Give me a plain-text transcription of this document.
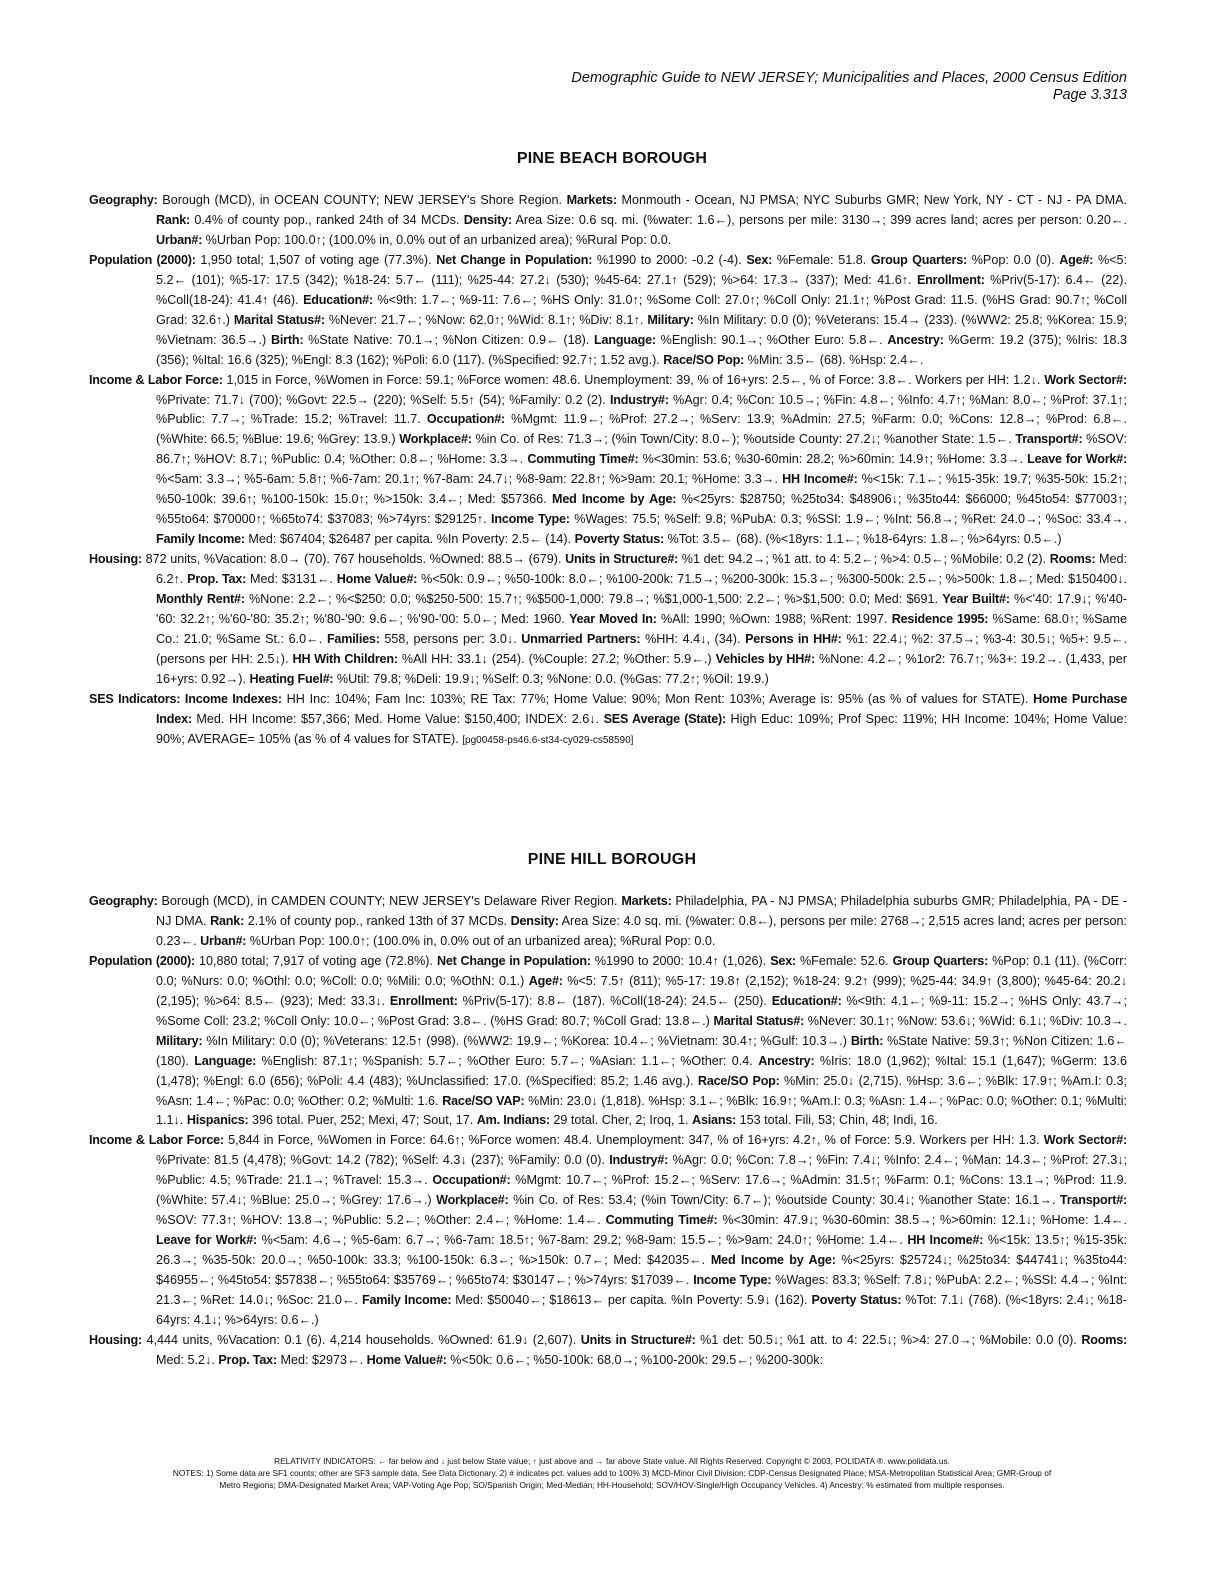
Demographic Guide to NEW JERSEY; Municipalities and Places, 2000 Census Edition
Page 3.313
PINE BEACH BOROUGH

Geography: Borough (MCD), in OCEAN COUNTY; NEW JERSEY's Shore Region. Markets: Monmouth - Ocean, NJ PMSA; NYC Suburbs GMR; New York, NY - CT - NJ - PA DMA. Rank: 0.4% of county pop., ranked 24th of 34 MCDs. Density: Area Size: 0.6 sq. mi. (%water: 1.6←), persons per mile: 3130→; 399 acres land; acres per person: 0.20←. Urban#: %Urban Pop: 100.0↑; (100.0% in, 0.0% out of an urbanized area); %Rural Pop: 0.0.

Population (2000): 1,950 total; 1,507 of voting age (77.3%). Net Change in Population: %1990 to 2000: -0.2 (-4). Sex: %Female: 51.8. Group Quarters: %Pop: 0.0 (0). Age#: %<5: 5.2← (101); %5-17: 17.5 (342); %18-24: 5.7← (111); %25-44: 27.2↓ (530); %45-64: 27.1↑ (529); %>64: 17.3→ (337); Med: 41.6↑. Enrollment: %Priv(5-17): 6.4← (22). %Coll(18-24): 41.4↑ (46). Education#: %<9th: 1.7←; %9-11: 7.6←; %HS Only: 31.0↑; %Some Coll: 27.0↑; %Coll Only: 21.1↑; %Post Grad: 11.5. (%HS Grad: 90.7↑; %Coll Grad: 32.6↑.) Marital Status#: %Never: 21.7←; %Now: 62.0↑; %Wid: 8.1↑; %Div: 8.1↑. Military: %In Military: 0.0 (0); %Veterans: 15.4→ (233). (%WW2: 25.8; %Korea: 15.9; %Vietnam: 36.5→.) Birth: %State Native: 70.1→; %Non Citizen: 0.9← (18). Language: %English: 90.1→; %Other Euro: 5.8←. Ancestry: %Germ: 19.2 (375); %Iris: 18.3 (356); %Ital: 16.6 (325); %Engl: 8.3 (162); %Poli: 6.0 (117). (%Specified: 92.7↑; 1.52 avg.). Race/SO Pop: %Min: 3.5← (68). %Hsp: 2.4←.

Income & Labor Force: 1,015 in Force, %Women in Force: 59.1; %Force women: 48.6. Unemployment: 39, % of 16+yrs: 2.5←, % of Force: 3.8←. Workers per HH: 1.2↓. Work Sector#: %Private: 71.7↓ (700); %Govt: 22.5→ (220); %Self: 5.5↑ (54); %Family: 0.2 (2). Industry#: %Agr: 0.4; %Con: 10.5→; %Fin: 4.8←; %Info: 4.7↑; %Man: 8.0←; %Prof: 37.1↑; %Public: 7.7→; %Trade: 15.2; %Travel: 11.7. Occupation#: %Mgmt: 11.9←; %Prof: 27.2→; %Serv: 13.9; %Admin: 27.5; %Farm: 0.0; %Cons: 12.8→; %Prod: 6.8←. (%White: 66.5; %Blue: 19.6; %Grey: 13.9.) Workplace#: %in Co. of Res: 71.3→; (%in Town/City: 8.0←); %outside County: 27.2↓; %another State: 1.5←. Transport#: %SOV: 86.7↑; %HOV: 8.7↓; %Public: 0.4; %Other: 0.8←; %Home: 3.3→. Commuting Time#: %<30min: 53.6; %30-60min: 28.2; %>60min: 14.9↑; %Home: 3.3→. Leave for Work#: %<5am: 3.3→; %5-6am: 5.8↑; %6-7am: 20.1↑; %7-8am: 24.7↓; %8-9am: 22.8↑; %>9am: 20.1; %Home: 3.3→. HH Income#: %<15k: 7.1←; %15-35k: 19.7; %35-50k: 15.2↑; %50-100k: 39.6↑; %100-150k: 15.0↑; %>150k: 3.4←; Med: $57366. Med Income by Age: %<25yrs: $28750; %25to34: $48906↓; %35to44: $66000; %45to54: $77003↑; %55to64: $70000↑; %65to74: $37083; %>74yrs: $29125↑. Income Type: %Wages: 75.5; %Self: 9.8; %PubA: 0.3; %SSI: 1.9←; %Int: 56.8→; %Ret: 24.0→; %Soc: 33.4→. Family Income: Med: $67404; $26487 per capita. %In Poverty: 2.5← (14). Poverty Status: %Tot: 3.5← (68). (%<18yrs: 1.1←; %18-64yrs: 1.8←; %>64yrs: 0.5←.)

Housing: 872 units, %Vacation: 8.0→ (70). 767 households. %Owned: 88.5→ (679). Units in Structure#: %1 det: 94.2→; %1 att. to 4: 5.2←; %>4: 0.5←; %Mobile: 0.2 (2). Rooms: Med: 6.2↑. Prop. Tax: Med: $3131←. Home Value#: %<50k: 0.9←; %50-100k: 8.0←; %100-200k: 71.5→; %200-300k: 15.3←; %300-500k: 2.5←; %>500k: 1.8←; Med: $150400↓. Monthly Rent#: %None: 2.2←; %<$250: 0.0; %$250-500: 15.7↑; %$500-1,000: 79.8→; %$1,000-1,500: 2.2←; %>$1,500: 0.0; Med: $691. Year Built#: %<'40: 17.9↓; %'40-'60: 32.2↑; %'60-'80: 35.2↑; %'80-'90: 9.6←; %'90-'00: 5.0←; Med: 1960. Year Moved In: %All: 1990; %Own: 1988; %Rent: 1997. Residence 1995: %Same: 68.0↑; %Same Co.: 21.0; %Same St.: 6.0←. Families: 558, persons per: 3.0↓. Unmarried Partners: %HH: 4.4↓, (34). Persons in HH#: %1: 22.4↓; %2: 37.5→; %3-4: 30.5↓; %5+: 9.5←. (persons per HH: 2.5↓). HH With Children: %All HH: 33.1↓ (254). (%Couple: 27.2; %Other: 5.9←.) Vehicles by HH#: %None: 4.2←; %1or2: 76.7↑; %3+: 19.2→. (1,433, per 16+yrs: 0.92→). Heating Fuel#: %Util: 79.8; %Deli: 19.9↓; %Self: 0.3; %None: 0.0. (%Gas: 77.2↑; %Oil: 19.9.)

SES Indicators: Income Indexes: HH Inc: 104%; Fam Inc: 103%; RE Tax: 77%; Home Value: 90%; Mon Rent: 103%; Average is: 95% (as % of values for STATE). Home Purchase Index: Med. HH Income: $57,366; Med. Home Value: $150,400; INDEX: 2.6↓. SES Average (State): High Educ: 109%; Prof Spec: 119%; HH Income: 104%; Home Value: 90%; AVERAGE= 105% (as % of 4 values for STATE). [pg00458-ps46.6-st34-cy029-cs58590]

PINE HILL BOROUGH

Geography: Borough (MCD), in CAMDEN COUNTY; NEW JERSEY's Delaware River Region. Markets: Philadelphia, PA - NJ PMSA; Philadelphia suburbs GMR; Philadelphia, PA - DE - NJ DMA. Rank: 2.1% of county pop., ranked 13th of 37 MCDs. Density: Area Size: 4.0 sq. mi. (%water: 0.8←), persons per mile: 2768→; 2,515 acres land; acres per person: 0.23←. Urban#: %Urban Pop: 100.0↑; (100.0% in, 0.0% out of an urbanized area); %Rural Pop: 0.0.

Population (2000): 10,880 total; 7,917 of voting age (72.8%). Net Change in Population: %1990 to 2000: 10.4↑ (1,026). Sex: %Female: 52.6. Group Quarters: %Pop: 0.1 (11). (%Corr: 0.0; %Nurs: 0.0; %Othl: 0.0; %Coll: 0.0; %Mili: 0.0; %OthN: 0.1.) Age#: %<5: 7.5↑ (811); %5-17: 19.8↑ (2,152); %18-24: 9.2↑ (999); %25-44: 34.9↑ (3,800); %45-64: 20.2↓ (2,195); %>64: 8.5← (923); Med: 33.3↓. Enrollment: %Priv(5-17): 8.8← (187). %Coll(18-24): 24.5← (250). Education#: %<9th: 4.1←; %9-11: 15.2→; %HS Only: 43.7→; %Some Coll: 23.2; %Coll Only: 10.0←; %Post Grad: 3.8←. (%HS Grad: 80.7; %Coll Grad: 13.8←.) Marital Status#: %Never: 30.1↑; %Now: 53.6↓; %Wid: 6.1↓; %Div: 10.3→. Military: %In Military: 0.0 (0); %Veterans: 12.5↑ (998). (%WW2: 19.9←; %Korea: 10.4←; %Vietnam: 30.4↑; %Gulf: 10.3→.) Birth: %State Native: 59.3↑; %Non Citizen: 1.6← (180). Language: %English: 87.1↑; %Spanish: 5.7←; %Other Euro: 5.7←; %Asian: 1.1←; %Other: 0.4. Ancestry: %Iris: 18.0 (1,962); %Ital: 15.1 (1,647); %Germ: 13.6 (1,478); %Engl: 6.0 (656); %Poli: 4.4 (483); %Unclassified: 17.0. (%Specified: 85.2; 1.46 avg.). Race/SO Pop: %Min: 25.0↓ (2,715). %Hsp: 3.6←; %Blk: 17.9↑; %Am.I: 0.3; %Asn: 1.4←; %Pac: 0.0; %Other: 0.2; %Multi: 1.6. Race/SO VAP: %Min: 23.0↓ (1,818). %Hsp: 3.1←; %Blk: 16.9↑; %Am.I: 0.3; %Asn: 1.4←; %Pac: 0.0; %Other: 0.1; %Multi: 1.1↓. Hispanics: 396 total. Puer, 252; Mexi, 47; Sout, 17. Am. Indians: 29 total. Cher, 2; Iroq, 1. Asians: 153 total. Fili, 53; Chin, 48; Indi, 16.

Income & Labor Force: 5,844 in Force, %Women in Force: 64.6↑; %Force women: 48.4. Unemployment: 347, % of 16+yrs: 4.2↑, % of Force: 5.9. Workers per HH: 1.3. Work Sector#: %Private: 81.5 (4,478); %Govt: 14.2 (782); %Self: 4.3↓ (237); %Family: 0.0 (0). Industry#: %Agr: 0.0; %Con: 7.8→; %Fin: 7.4↓; %Info: 2.4←; %Man: 14.3←; %Prof: 27.3↓; %Public: 4.5; %Trade: 21.1→; %Travel: 15.3→. Occupation#: %Mgmt: 10.7←; %Prof: 15.2←; %Serv: 17.6→; %Admin: 31.5↑; %Farm: 0.1; %Cons: 13.1→; %Prod: 11.9. (%White: 57.4↓; %Blue: 25.0→; %Grey: 17.6→.) Workplace#: %in Co. of Res: 53.4; (%in Town/City: 6.7←); %outside County: 30.4↓; %another State: 16.1→. Transport#: %SOV: 77.3↑; %HOV: 13.8→; %Public: 5.2←; %Other: 2.4←; %Home: 1.4←. Commuting Time#: %<30min: 47.9↓; %30-60min: 38.5→; %>60min: 12.1↓; %Home: 1.4←. Leave for Work#: %<5am: 4.6→; %5-6am: 6.7→; %6-7am: 18.5↑; %7-8am: 29.2; %8-9am: 15.5←; %>9am: 24.0↑; %Home: 1.4←. HH Income#: %<15k: 13.5↑; %15-35k: 26.3→; %35-50k: 20.0→; %50-100k: 33.3; %100-150k: 6.3←; %>150k: 0.7←; Med: $42035←. Med Income by Age: %<25yrs: $25724↓; %25to34: $44741↓; %35to44: $46955←; %45to54: $57838←; %55to64: $35769←; %65to74: $30147←; %>74yrs: $17039←. Income Type: %Wages: 83.3; %Self: 7.8↓; %PubA: 2.2←; %SSI: 4.4→; %Int: 21.3←; %Ret: 14.0↓; %Soc: 21.0←. Family Income: Med: $50040←; $18613← per capita. %In Poverty: 5.9↓ (162). Poverty Status: %Tot: 7.1↓ (768). (%<18yrs: 2.4↓; %18-64yrs: 4.1↓; %>64yrs: 0.6←.)

Housing: 4,444 units, %Vacation: 0.1 (6). 4,214 households. %Owned: 61.9↓ (2,607). Units in Structure#: %1 det: 50.5↓; %1 att. to 4: 22.5↓; %>4: 27.0→; %Mobile: 0.0 (0). Rooms: Med: 5.2↓. Prop. Tax: Med: $2973←. Home Value#: %<50k: 0.6←; %50-100k: 68.0→; %100-200k: 29.5←; %200-300k:

RELATIVITY INDICATORS: ← far below and ↓ just below State value; ↑ just above and → far above State value. All Rights Reserved. Copyright © 2003, POLIDATA ®. www.polidata.us.
NOTES: 1) Some data are SF1 counts; other are SF3 sample data. See Data Dictionary. 2) # indicates pct. values add to 100% 3) MCD-Minor Civil Division; CDP-Census Designated Place; MSA-Metropolitan Statistical Area; GMR-Group of
Metro Regions; DMA-Designated Market Area; VAP-Voting Age Pop; SO/Spanish Origin; Med-Median; HH-Household; SOV/HOV-Single/High Occupancy Vehicles. 4) Ancestry: % estimated from multiple responses.
